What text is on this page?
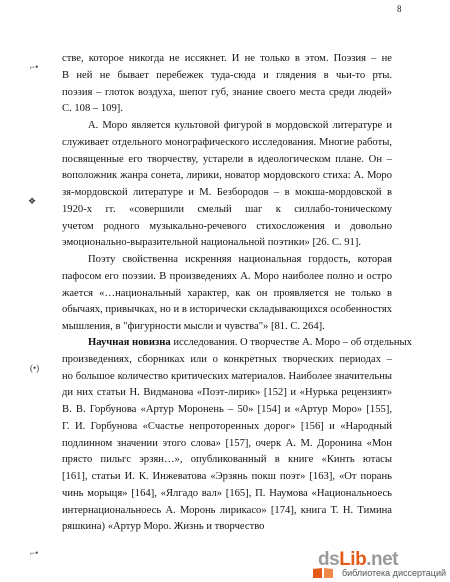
8
⌐•
❖
(•)
⌐•
стве, которое никогда не иссякнет. И не только в этом. Поэзия – не
В ней не бывает перебежек туда-сюда и глядения в чьи-то рты.
поэзия – глоток воздуха, шепот губ, знание своего места среди людей»
С. 108 – 109].
А. Моро является культовой фигурой в мордовской литературе и
служивает отдельного монографического исследования. Многие работы,
посвященные его творчеству, устарели в идеологическом плане. Он –
воположник жанра сонета, лирики, новатор мордовского стиха: А. Моро
зя-мордовской литературе и М. Безбородов – в мокша-мордовской в
1920-х гг. «совершили смелый шаг к силлабо-тоническому
учетом родного музыкально-речевого стихосложения и довольно
эмоционально-выразительной национальной поэтики» [26. С. 91].
Поэту свойственна искренняя национальная гордость, которая
пафосом его поэзии. В произведениях А. Моро наиболее полно и остро
жается «…национальный характер, как он проявляется не только в
обычаях, привычках, но и в исторически складывающихся особенностях
мышления, в "фигурности мысли и чувства"» [81. С. 264].
Научная новизна исследования. О творчестве А. Моро – об отдельных
произведениях, сборниках или о конкретных творческих периодах –
но большое количество критических материалов. Наиболее значительны
ди них статьи Н. Видманова «Поэт-лирик» [152] и «Нурька рецензият»
В. В. Горбунова «Артур Моронень – 50» [154] и «Артур Моро» [155],
Г. И. Горбунова «Счастье непроторенных дорог» [156] и «Народный
подлинном значении этого слова» [157], очерк А. М. Доронина «Мон
прясто пильгс эрзян…», опубликованный в книге «Кинть ютасы
[161], статьи И. К. Инжеватова «Эрзянь покш поэт» [163], «От порань
чинь морыця» [164], «Ялгадо вал» [165], П. Наумова «Национальноесь
интернациональноесь А. Моронь лирикасо» [174], книга Т. Н. Тимина
ряшкина) «Артур Моро. Жизнь и творчество
dsLib.net
библиотека диссертаций
